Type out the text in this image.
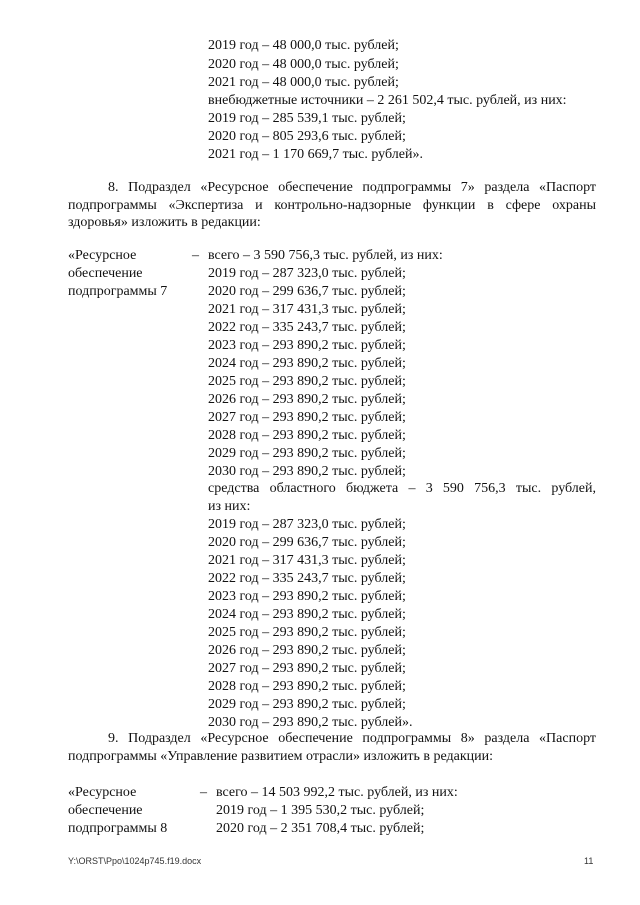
2019 год – 48 000,0 тыс. рублей;
2020 год – 48 000,0 тыс. рублей;
2021 год – 48 000,0 тыс. рублей;
внебюджетные источники – 2 261 502,4 тыс. рублей, из них:
2019 год – 285 539,1 тыс. рублей;
2020 год – 805 293,6 тыс. рублей;
2021 год – 1 170 669,7 тыс. рублей».
8. Подраздел «Ресурсное обеспечение подпрограммы 7» раздела «Паспорт
подпрограммы «Экспертиза и контрольно-надзорные функции в сфере охраны
здоровья» изложить в редакции:
«Ресурсное
обеспечение
подпрограммы 7
– всего – 3 590 756,3 тыс. рублей, из них:
2019 год – 287 323,0 тыс. рублей;
2020 год – 299 636,7 тыс. рублей;
2021 год – 317 431,3 тыс. рублей;
2022 год – 335 243,7 тыс. рублей;
2023 год – 293 890,2 тыс. рублей;
2024 год – 293 890,2 тыс. рублей;
2025 год – 293 890,2 тыс. рублей;
2026 год – 293 890,2 тыс. рублей;
2027 год – 293 890,2 тыс. рублей;
2028 год – 293 890,2 тыс. рублей;
2029 год – 293 890,2 тыс. рублей;
2030 год – 293 890,2 тыс. рублей;
средства областного бюджета – 3 590 756,3 тыс. рублей,
из них:
2019 год – 287 323,0 тыс. рублей;
2020 год – 299 636,7 тыс. рублей;
2021 год – 317 431,3 тыс. рублей;
2022 год – 335 243,7 тыс. рублей;
2023 год – 293 890,2 тыс. рублей;
2024 год – 293 890,2 тыс. рублей;
2025 год – 293 890,2 тыс. рублей;
2026 год – 293 890,2 тыс. рублей;
2027 год – 293 890,2 тыс. рублей;
2028 год – 293 890,2 тыс. рублей;
2029 год – 293 890,2 тыс. рублей;
2030 год – 293 890,2 тыс. рублей».
9. Подраздел «Ресурсное обеспечение подпрограммы 8» раздела «Паспорт
подпрограммы «Управление развитием отрасли» изложить в редакции:
«Ресурсное
обеспечение
подпрограммы 8
– всего – 14 503 992,2 тыс. рублей, из них:
2019 год – 1 395 530,2 тыс. рублей;
2020 год – 2 351 708,4 тыс. рублей;
Y:\ORST\Ppo\1024p745.f19.docx	11
